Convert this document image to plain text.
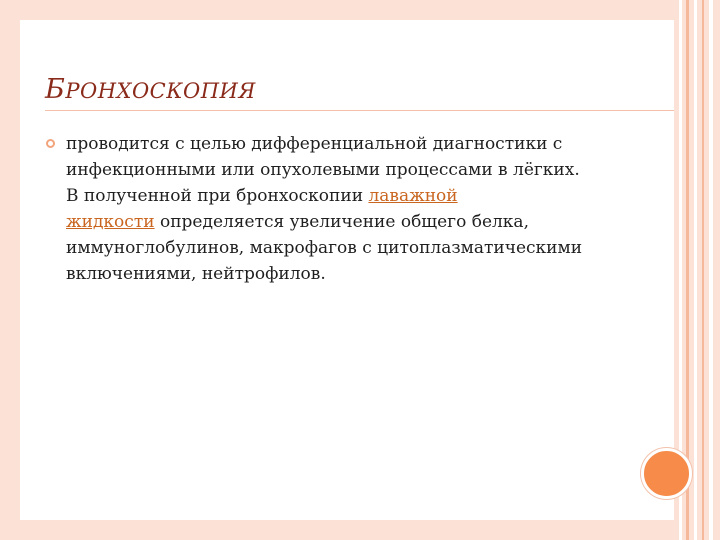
БРОНХОСКОПИЯ
проводится с целью дифференциальной диагностики с
инфекционными или опухолевыми процессами в лёгких.
В полученной при бронхоскопии лаважной
жидкости определяется увеличение общего белка,
иммуноглобулинов, макрофагов с цитоплазматическими
включениями, нейтрофилов.
